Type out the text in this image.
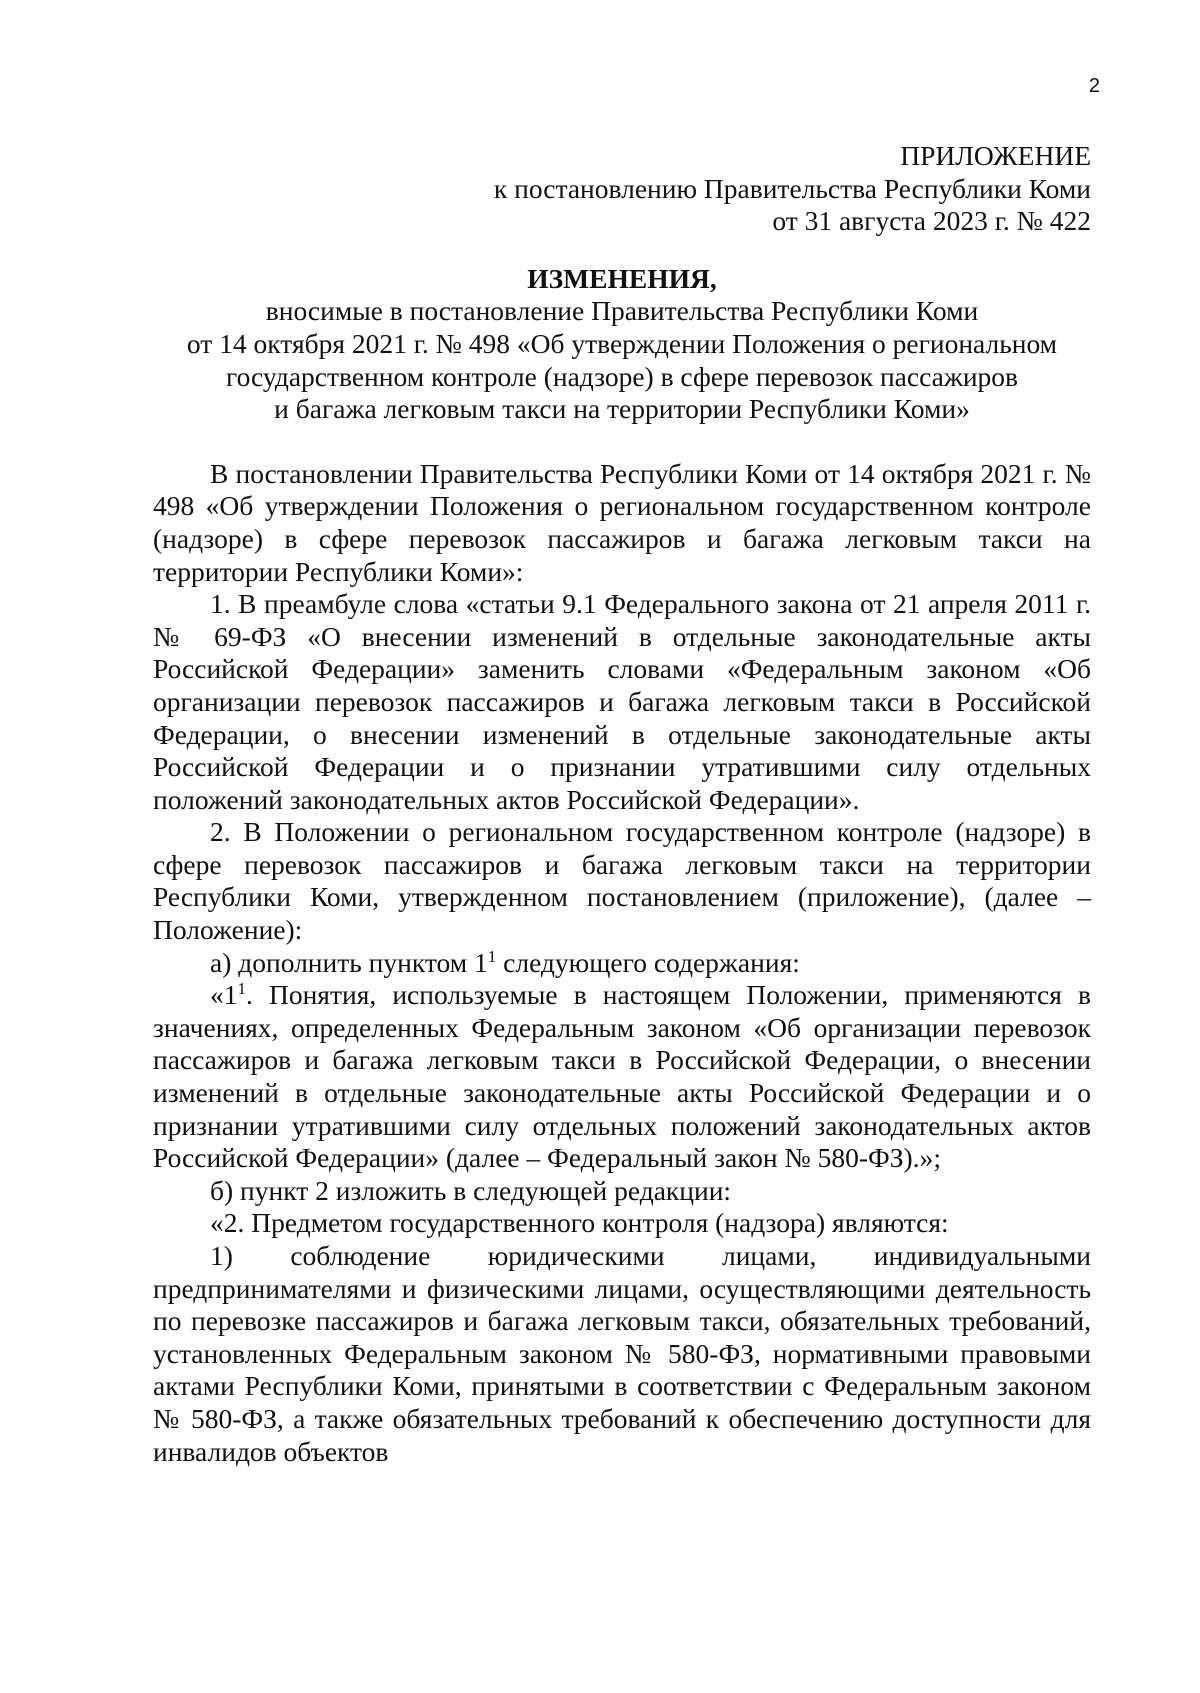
2
ПРИЛОЖЕНИЕ
к постановлению Правительства Республики Коми
от 31 августа 2023 г. № 422
ИЗМЕНЕНИЯ,
вносимые в постановление Правительства Республики Коми
от 14 октября 2021 г. № 498 «Об утверждении Положения о региональном
государственном контроле (надзоре) в сфере перевозок пассажиров
и багажа легковым такси на территории Республики Коми»

В постановлении Правительства Республики Коми от 14 октября 2021 г. № 498 «Об утверждении Положения о региональном государственном контроле (надзоре) в сфере перевозок пассажиров и багажа легковым такси на территории Республики Коми»:

1. В преамбуле слова «статьи 9.1 Федерального закона от 21 апреля 2011 г. № 69-ФЗ «О внесении изменений в отдельные законодательные акты Российской Федерации» заменить словами «Федеральным законом «Об организации перевозок пассажиров и багажа легковым такси в Российской Федерации, о внесении изменений в отдельные законодательные акты Российской Федерации и о признании утратившими силу отдельных положений законодательных актов Российской Федерации».

2. В Положении о региональном государственном контроле (надзоре) в сфере перевозок пассажиров и багажа легковым такси на территории Республики Коми, утвержденном постановлением (приложение), (далее – Положение):

а) дополнить пунктом $1^1$ следующего содержания:

«$1^1$. Понятия, используемые в настоящем Положении, применяются в значениях, определенных Федеральным законом «Об организации перевозок пассажиров и багажа легковым такси в Российской Федерации, о внесении изменений в отдельные законодательные акты Российской Федерации и о признании утратившими силу отдельных положений законодательных актов Российской Федерации» (далее – Федеральный закон № 580-ФЗ).»;

б) пункт 2 изложить в следующей редакции:

«2. Предметом государственного контроля (надзора) являются:

1) соблюдение юридическими лицами, индивидуальными предпринимателями и физическими лицами, осуществляющими деятельность по перевозке пассажиров и багажа легковым такси, обязательных требований, установленных Федеральным законом № 580-ФЗ, нормативными правовыми актами Республики Коми, принятыми в соответствии с Федеральным законом № 580-ФЗ, а также обязательных требований к обеспечению доступности для инвалидов объектов
